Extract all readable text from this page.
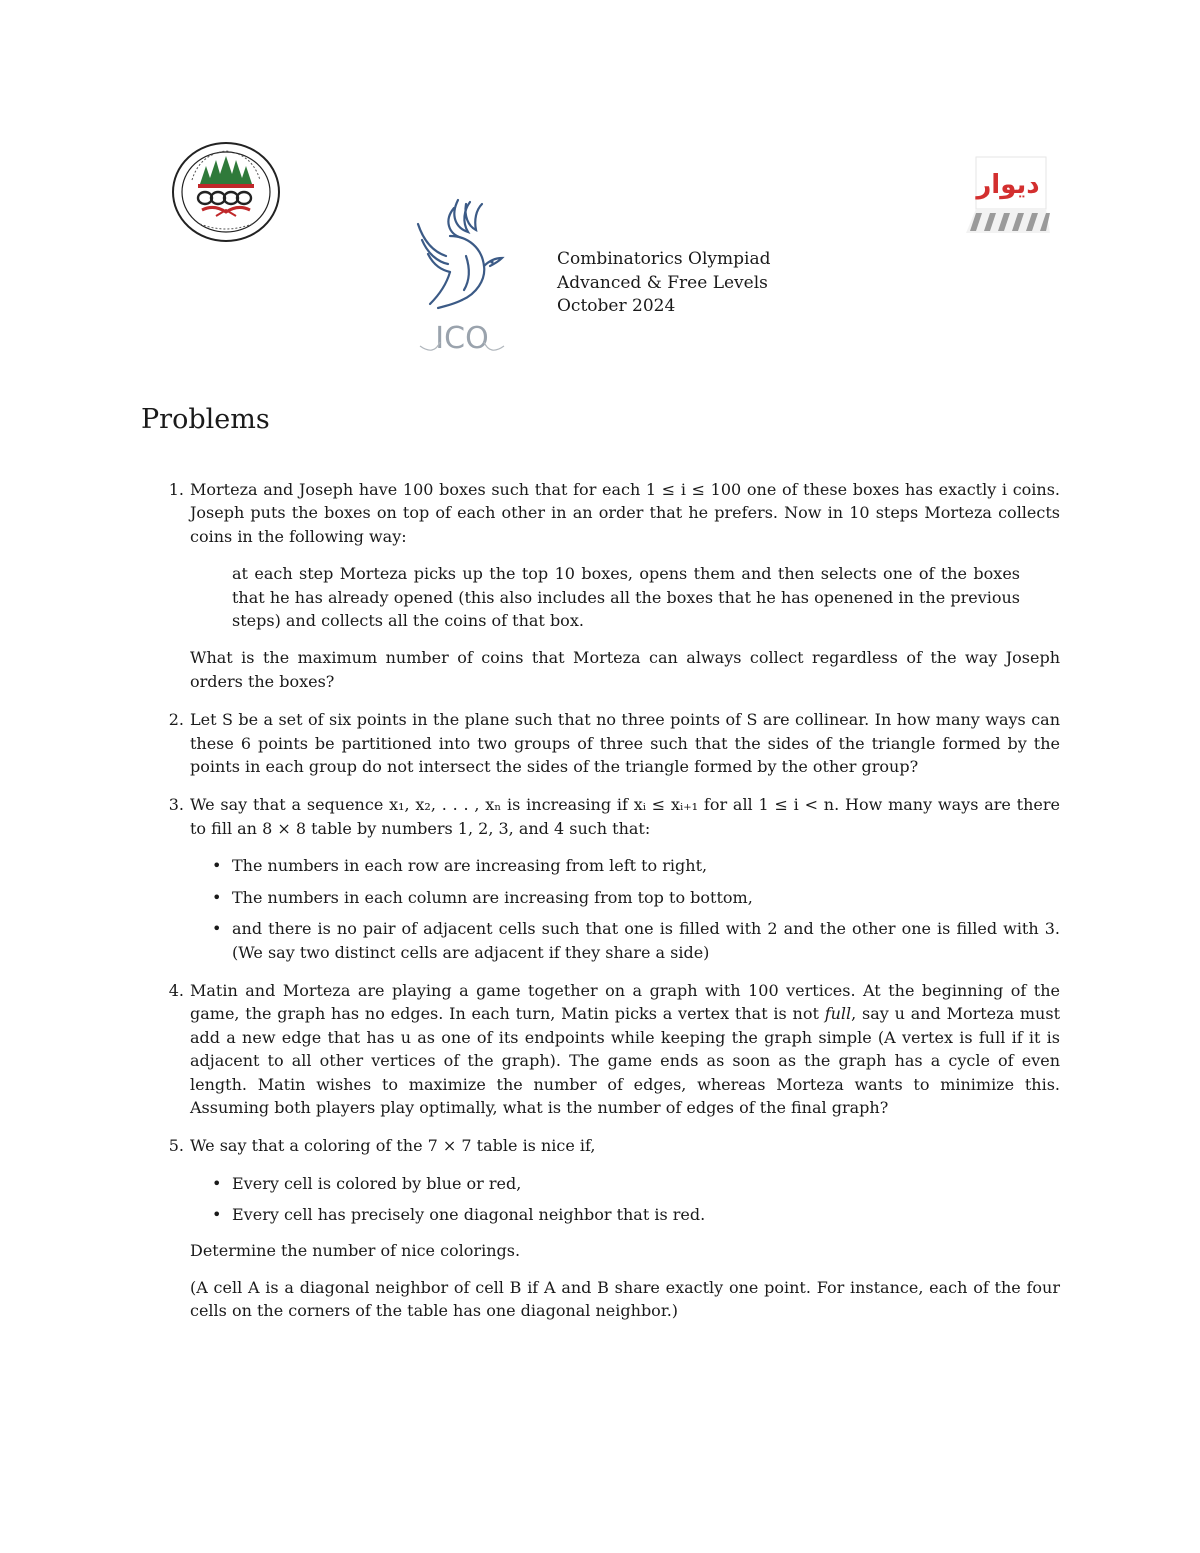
ICO
دیوار
Combinatorics Olympiad
Advanced & Free Levels
October 2024
Problems
1. Morteza and Joseph have 100 boxes such that for each 1 ≤ i ≤ 100 one of these boxes has exactly i coins. Joseph puts the boxes on top of each other in an order that he prefers. Now in 10 steps Morteza collects coins in the following way:

at each step Morteza picks up the top 10 boxes, opens them and then selects one of the boxes that he has already opened (this also includes all the boxes that he has openened in the previous steps) and collects all the coins of that box.

What is the maximum number of coins that Morteza can always collect regardless of the way Joseph orders the boxes?

2. Let S be a set of six points in the plane such that no three points of S are collinear. In how many ways can these 6 points be partitioned into two groups of three such that the sides of the triangle formed by the points in each group do not intersect the sides of the triangle formed by the other group?

3. We say that a sequence x₁, x₂, . . . , xₙ is increasing if xᵢ ≤ xᵢ₊₁ for all 1 ≤ i < n. How many ways are there to fill an 8 × 8 table by numbers 1, 2, 3, and 4 such that:

• The numbers in each row are increasing from left to right,
• The numbers in each column are increasing from top to bottom,
• and there is no pair of adjacent cells such that one is filled with 2 and the other one is filled with 3. (We say two distinct cells are adjacent if they share a side)
4. Matin and Morteza are playing a game together on a graph with 100 vertices. At the beginning of the game, the graph has no edges. In each turn, Matin picks a vertex that is not full, say u and Morteza must add a new edge that has u as one of its endpoints while keeping the graph simple (A vertex is full if it is adjacent to all other vertices of the graph). The game ends as soon as the graph has a cycle of even length. Matin wishes to maximize the number of edges, whereas Morteza wants to minimize this. Assuming both players play optimally, what is the number of edges of the final graph?

5. We say that a coloring of the 7 × 7 table is nice if,

• Every cell is colored by blue or red,
• Every cell has precisely one diagonal neighbor that is red.

Determine the number of nice colorings.

(A cell A is a diagonal neighbor of cell B if A and B share exactly one point. For instance, each of the four cells on the corners of the table has one diagonal neighbor.)
